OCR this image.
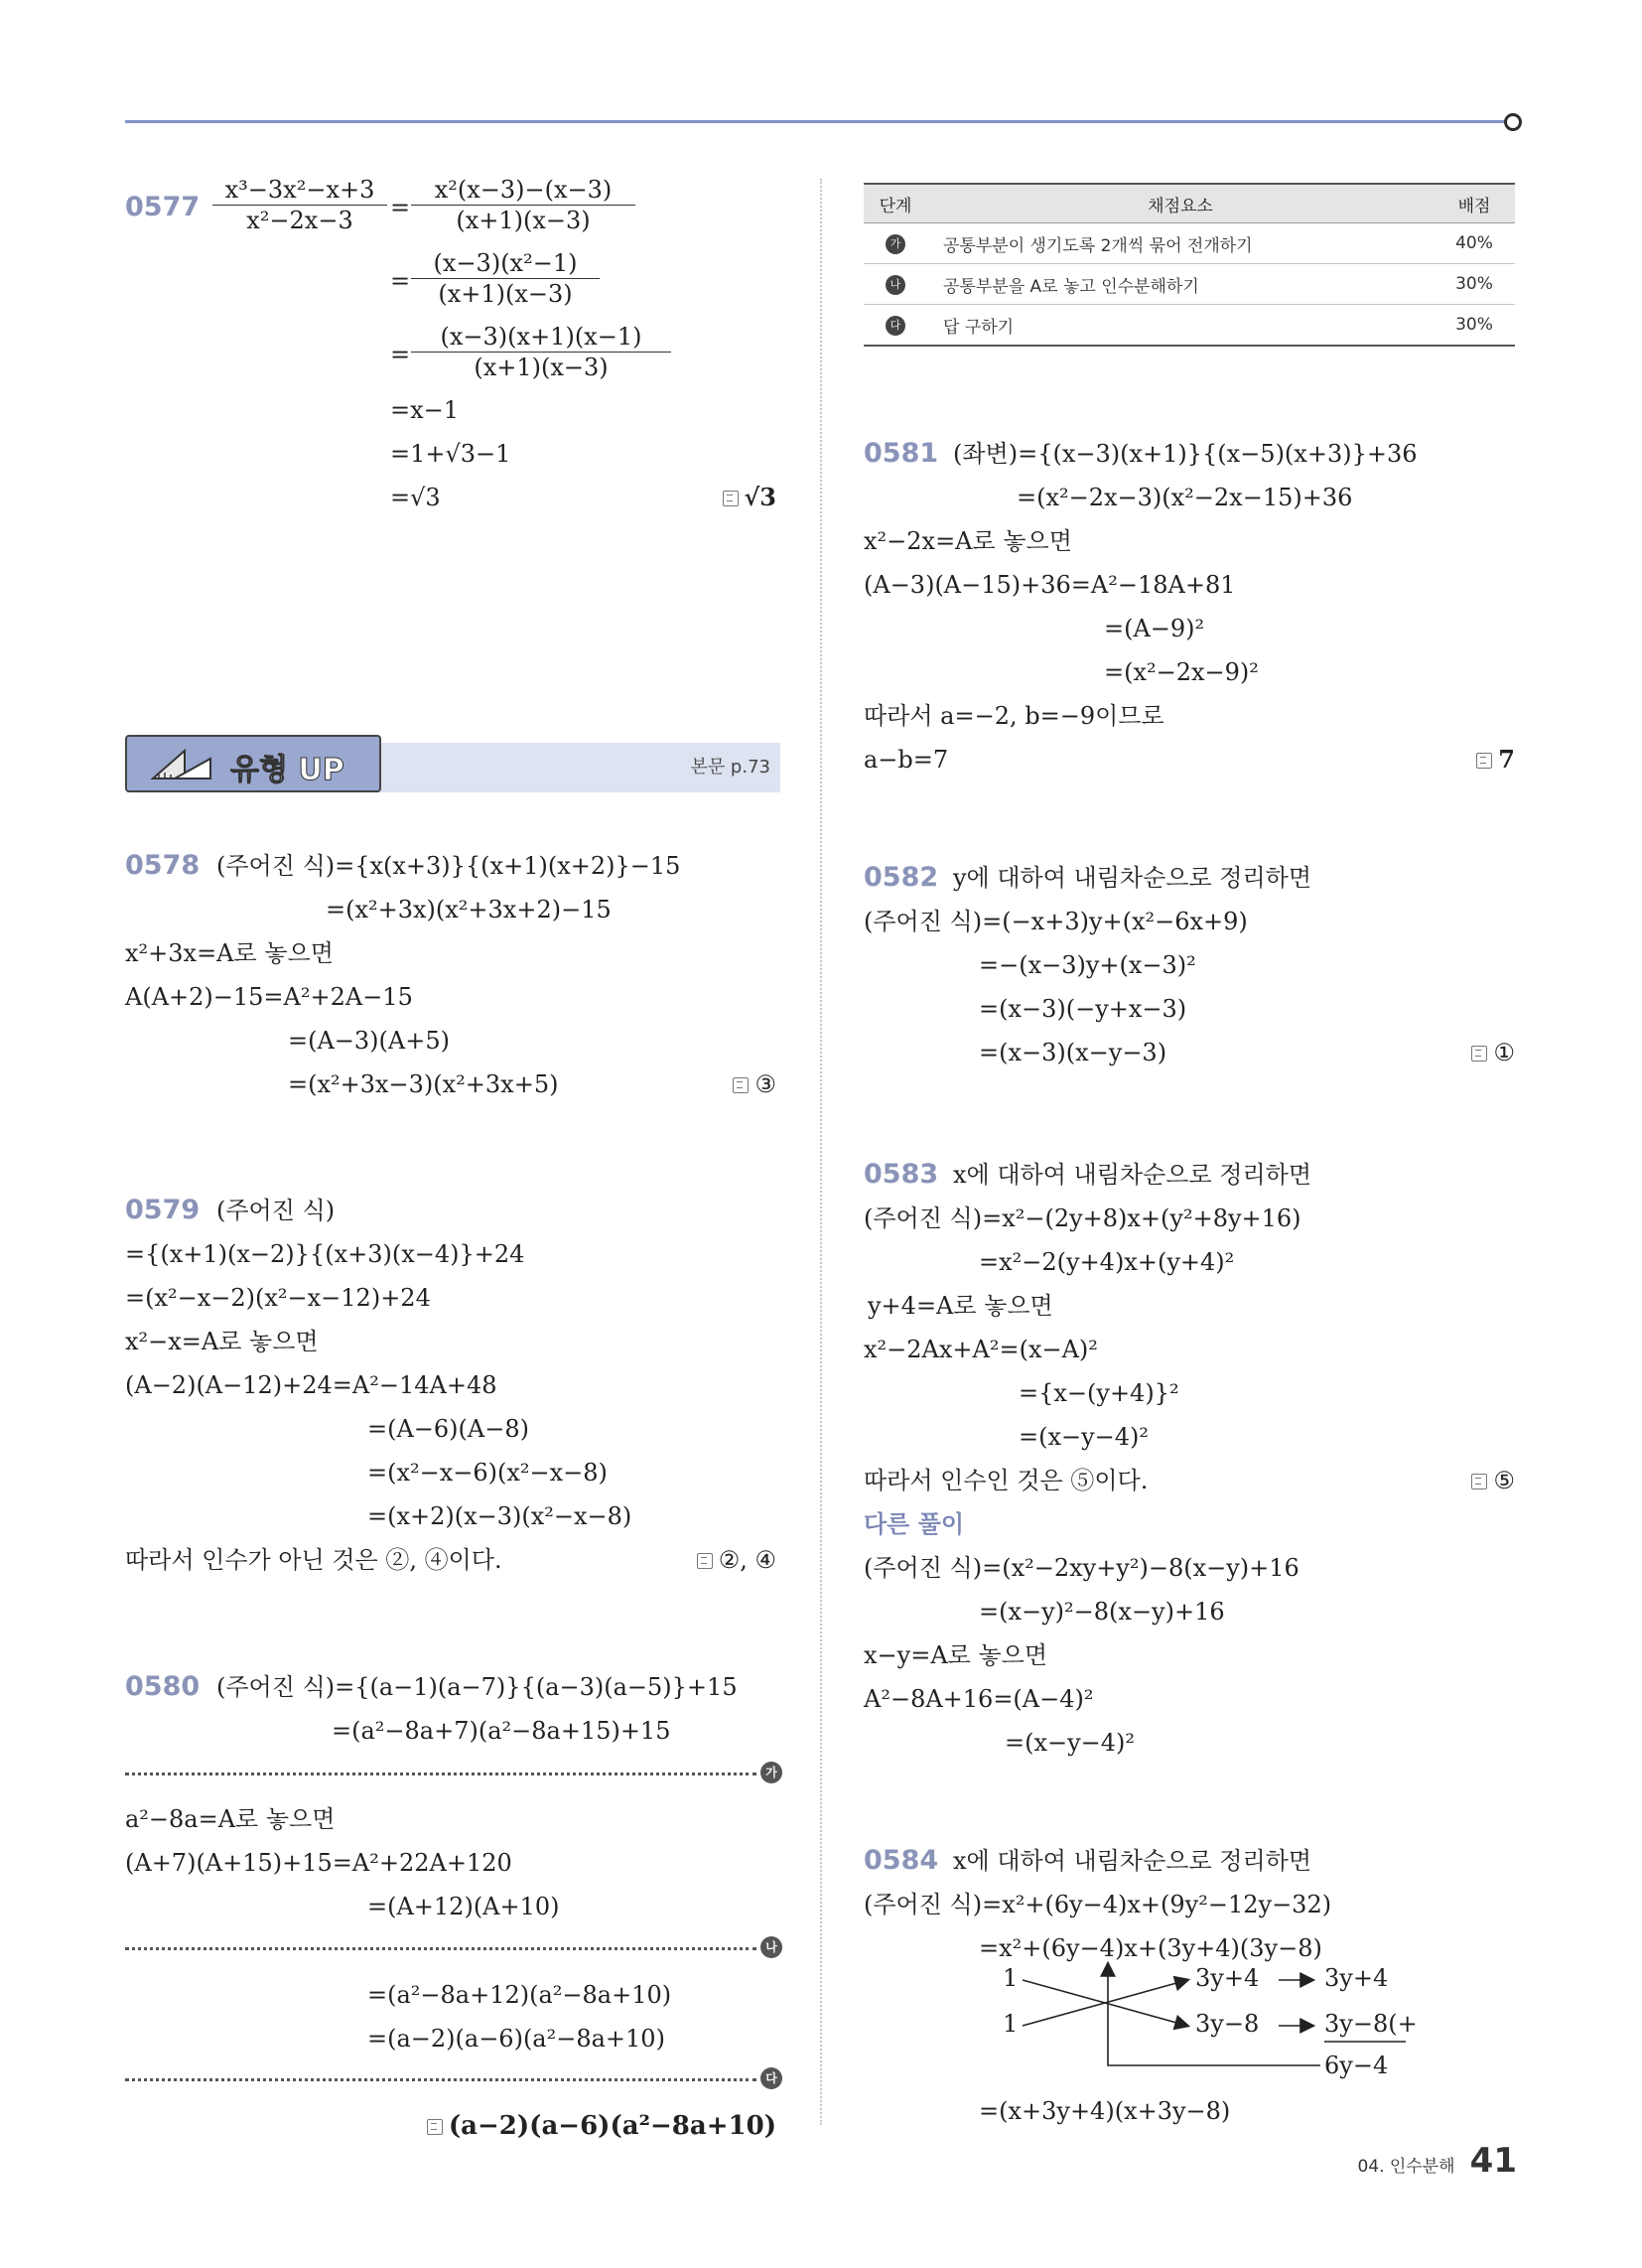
$0577 \frac{\text{x³−3x²−x+3}}{\text{x²−2x−3}} = \frac{\text{x²(x−3)−(x−3)}}{(x+1)(x-3)}$
= $\frac{\text{(x−3)(x²−1)}}{(x+1)(x-3)}$
= $\frac{(x-3)(x+1)(x-1)}{(x+1)(x-3)}$
=x−1
=1+√3−1
=√3	√3
유형 UP	본문 p.73
0578 (주어진 식)={x(x+3)}{(x+1)(x+2)}−15
=(x²+3x)(x²+3x+2)−15
x²+3x=A로 놓으면
A(A+2)−15=A²+2A−15
=(A−3)(A+5)
=(x²+3x−3)(x²+3x+5)	③
0579 (주어진 식)
={(x+1)(x−2)}{(x+3)(x−4)}+24
=(x²−x−2)(x²−x−12)+24
x²−x=A로 놓으면
(A−2)(A−12)+24=A²−14A+48
=(A−6)(A−8)
=(x²−x−6)(x²−x−8)
=(x+2)(x−3)(x²−x−8)
따라서 인수가 아닌 것은 ②, ④이다.	②, ④
0580 (주어진 식)={(a−1)(a−7)}{(a−3)(a−5)}+15
=(a²−8a+7)(a²−8a+15)+15
가
a²−8a=A로 놓으면
(A+7)(A+15)+15=A²+22A+120
=(A+12)(A+10)
나
=(a²−8a+12)(a²−8a+10)
=(a−2)(a−6)(a²−8a+10)
다
(a−2)(a−6)(a²−8a+10)
단계	채점요소	배점
가	공통부분이 생기도록 2개씩 묶어 전개하기	40%
나	공통부분을 A로 놓고 인수분해하기	30%
다	답 구하기	30%
0581 (좌변)={(x−3)(x+1)}{(x−5)(x+3)}+36
=(x²−2x−3)(x²−2x−15)+36
x²−2x=A로 놓으면
(A−3)(A−15)+36=A²−18A+81
=(A−9)²
=(x²−2x−9)²
따라서 a=−2, b=−9이므로
a−b=7	7
0582 y에 대하여 내림차순으로 정리하면
(주어진 식)=(−x+3)y+(x²−6x+9)
=−(x−3)y+(x−3)²
=(x−3)(−y+x−3)
=(x−3)(x−y−3)	①
0583 x에 대하여 내림차순으로 정리하면
(주어진 식)=x²−(2y+8)x+(y²+8y+16)
=x²−2(y+4)x+(y+4)²
y+4=A로 놓으면
x²−2Ax+A²=(x−A)²
={x−(y+4)}²
=(x−y−4)²
따라서 인수인 것은 ⑤이다.	⑤
다른 풀이
(주어진 식)=(x²−2xy+y²)−8(x−y)+16
=(x−y)²−8(x−y)+16
x−y=A로 놓으면
A²−8A+16=(A−4)²
=(x−y−4)²
0584 x에 대하여 내림차순으로 정리하면
(주어진 식)=x²+(6y−4)x+(9y²−12y−32)
=x²+(6y−4)x+(3y+4)(3y−8)
1
1
3y+4
3y−8
3y+4
3y−8(+
6y−4
=(x+3y+4)(x+3y−8)
04. 인수분해 41
